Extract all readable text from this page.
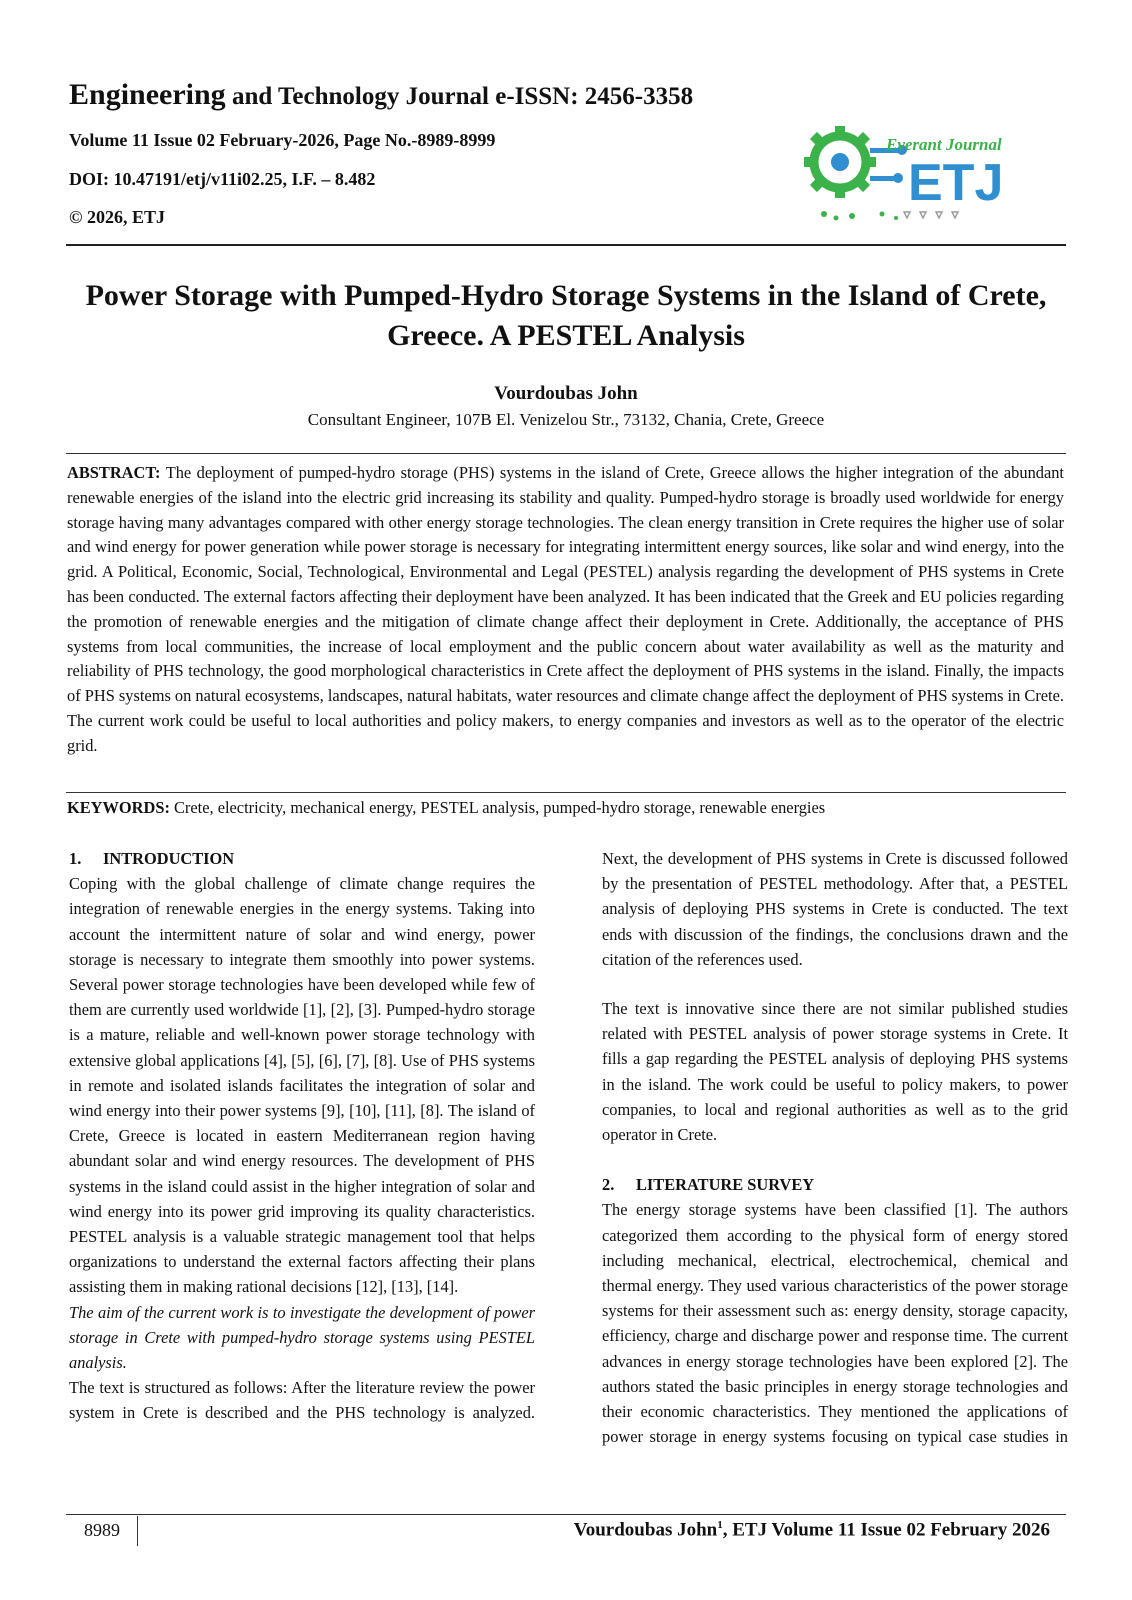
Engineering and Technology Journal e-ISSN: 2456-3358
Volume 11 Issue 02 February-2026, Page No.-8989-8999
DOI: 10.47191/etj/v11i02.25, I.F. – 8.482
© 2026, ETJ
Everant Journal
ETJ
Power Storage with Pumped-Hydro Storage Systems in the Island of Crete,
Greece. A PESTEL Analysis
Vourdoubas John
Consultant Engineer, 107B El. Venizelou Str., 73132, Chania, Crete, Greece
ABSTRACT: The deployment of pumped-hydro storage (PHS) systems in the island of Crete, Greece allows the higher integration of the abundant renewable energies of the island into the electric grid increasing its stability and quality. Pumped-hydro storage is broadly used worldwide for energy storage having many advantages compared with other energy storage technologies. The clean energy transition in Crete requires the higher use of solar and wind energy for power generation while power storage is necessary for integrating intermittent energy sources, like solar and wind energy, into the grid. A Political, Economic, Social, Technological, Environmental and Legal (PESTEL) analysis regarding the development of PHS systems in Crete has been conducted. The external factors affecting their deployment have been analyzed. It has been indicated that the Greek and EU policies regarding the promotion of renewable energies and the mitigation of climate change affect their deployment in Crete. Additionally, the acceptance of PHS systems from local communities, the increase of local employment and the public concern about water availability as well as the maturity and reliability of PHS technology, the good morphological characteristics in Crete affect the deployment of PHS systems in the island. Finally, the impacts of PHS systems on natural ecosystems, landscapes, natural habitats, water resources and climate change affect the deployment of PHS systems in Crete. The current work could be useful to local authorities and policy makers, to energy companies and investors as well as to the operator of the electric grid.
KEYWORDS: Crete, electricity, mechanical energy, PESTEL analysis, pumped-hydro storage, renewable energies

1. INTRODUCTION

Coping with the global challenge of climate change requires the integration of renewable energies in the energy systems. Taking into account the intermittent nature of solar and wind energy, power storage is necessary to integrate them smoothly into power systems. Several power storage technologies have been developed while few of them are currently used worldwide [1], [2], [3]. Pumped-hydro storage is a mature, reliable and well-known power storage technology with extensive global applications [4], [5], [6], [7], [8]. Use of PHS systems in remote and isolated islands facilitates the integration of solar and wind energy into their power systems [9], [10], [11], [8]. The island of Crete, Greece is located in eastern Mediterranean region having abundant solar and wind energy resources. The development of PHS systems in the island could assist in the higher integration of solar and wind energy into its power grid improving its quality characteristics. PESTEL analysis is a valuable strategic management tool that helps organizations to understand the external factors affecting their plans assisting them in making rational decisions [12], [13], [14].

The aim of the current work is to investigate the development of power storage in Crete with pumped-hydro storage systems using PESTEL analysis.

The text is structured as follows: After the literature review the power system in Crete is described and the PHS technology is analyzed.

Next, the development of PHS systems in Crete is discussed followed by the presentation of PESTEL methodology. After that, a PESTEL analysis of deploying PHS systems in Crete is conducted. The text ends with discussion of the findings, the conclusions drawn and the citation of the references used.

The text is innovative since there are not similar published studies related with PESTEL analysis of power storage systems in Crete. It fills a gap regarding the PESTEL analysis of deploying PHS systems in the island. The work could be useful to policy makers, to power companies, to local and regional authorities as well as to the grid operator in Crete.

2. LITERATURE SURVEY

The energy storage systems have been classified [1]. The authors categorized them according to the physical form of energy stored including mechanical, electrical, electrochemical, chemical and thermal energy. They used various characteristics of the power storage systems for their assessment such as: energy density, storage capacity, efficiency, charge and discharge power and response time. The current advances in energy storage technologies have been explored [2]. The authors stated the basic principles in energy storage technologies and their economic characteristics. They mentioned the applications of power storage in energy systems focusing on typical case studies in

8989	Vourdoubas John$^1$, ETJ Volume 11 Issue 02 February 2026
